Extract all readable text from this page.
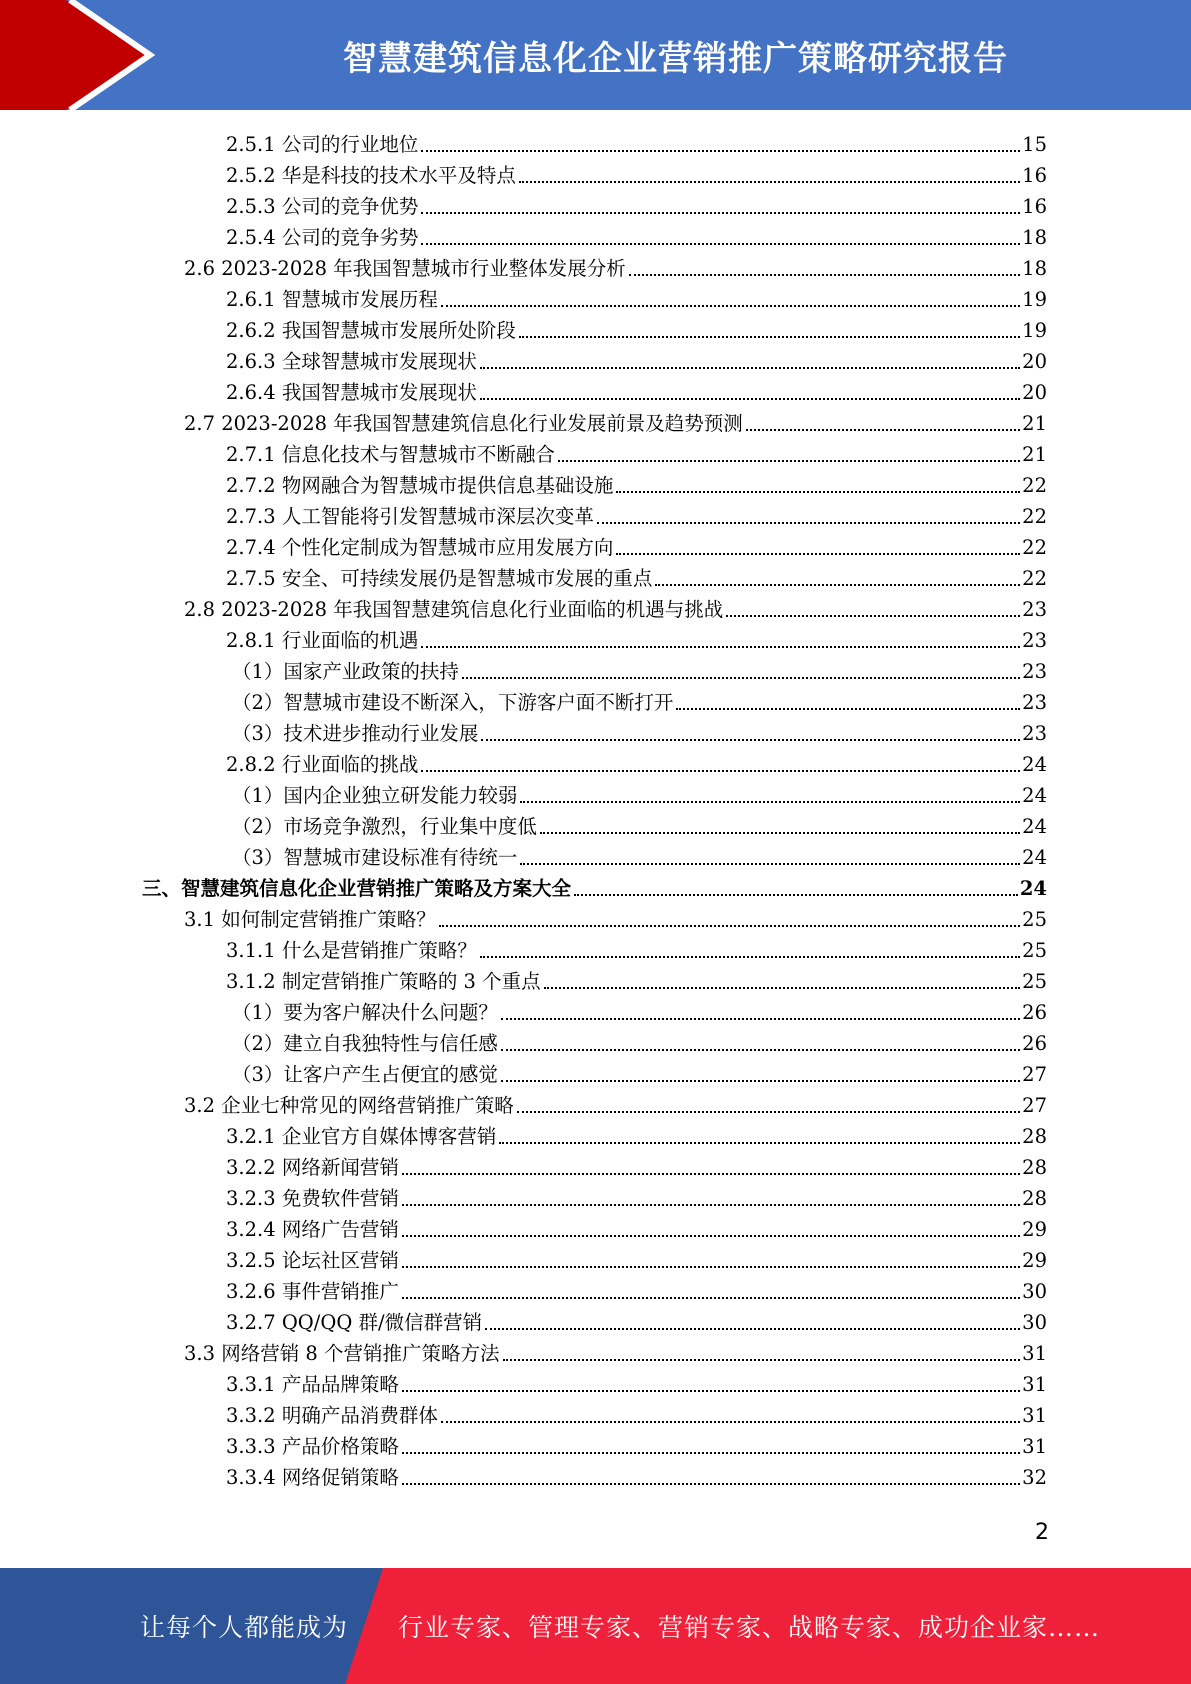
智慧建筑信息化企业营销推广策略研究报告
2.5.1 公司的行业地位	15
2.5.2 华是科技的技术水平及特点	16
2.5.3 公司的竞争优势	16
2.5.4 公司的竞争劣势	18
2.6 2023-2028 年我国智慧城市行业整体发展分析	18
2.6.1 智慧城市发展历程	19
2.6.2 我国智慧城市发展所处阶段	19
2.6.3 全球智慧城市发展现状	20
2.6.4 我国智慧城市发展现状	20
2.7 2023-2028 年我国智慧建筑信息化行业发展前景及趋势预测	21
2.7.1 信息化技术与智慧城市不断融合	21
2.7.2 物网融合为智慧城市提供信息基础设施	22
2.7.3 人工智能将引发智慧城市深层次变革	22
2.7.4 个性化定制成为智慧城市应用发展方向	22
2.7.5 安全、可持续发展仍是智慧城市发展的重点	22
2.8 2023-2028 年我国智慧建筑信息化行业面临的机遇与挑战	23
2.8.1 行业面临的机遇	23
（1）国家产业政策的扶持	23
（2）智慧城市建设不断深入，下游客户面不断打开	23
（3）技术进步推动行业发展	23
2.8.2 行业面临的挑战	24
（1）国内企业独立研发能力较弱	24
（2）市场竞争激烈，行业集中度低	24
（3）智慧城市建设标准有待统一	24
三、智慧建筑信息化企业营销推广策略及方案大全	24
3.1 如何制定营销推广策略？	25
3.1.1 什么是营销推广策略？	25
3.1.2 制定营销推广策略的 3 个重点	25
（1）要为客户解决什么问题？	26
（2）建立自我独特性与信任感	26
（3）让客户产生占便宜的感觉	27
3.2 企业七种常见的网络营销推广策略	27
3.2.1 企业官方自媒体博客营销	28
3.2.2 网络新闻营销	28
3.2.3 免费软件营销	28
3.2.4 网络广告营销	29
3.2.5 论坛社区营销	29
3.2.6 事件营销推广	30
3.2.7 QQ/QQ 群/微信群营销	30
3.3 网络营销 8 个营销推广策略方法	31
3.3.1 产品品牌策略	31
3.3.2 明确产品消费群体	31
3.3.3 产品价格策略	31
3.3.4 网络促销策略	32
2
让每个人都能成为 行业专家、管理专家、营销专家、战略专家、成功企业家……
